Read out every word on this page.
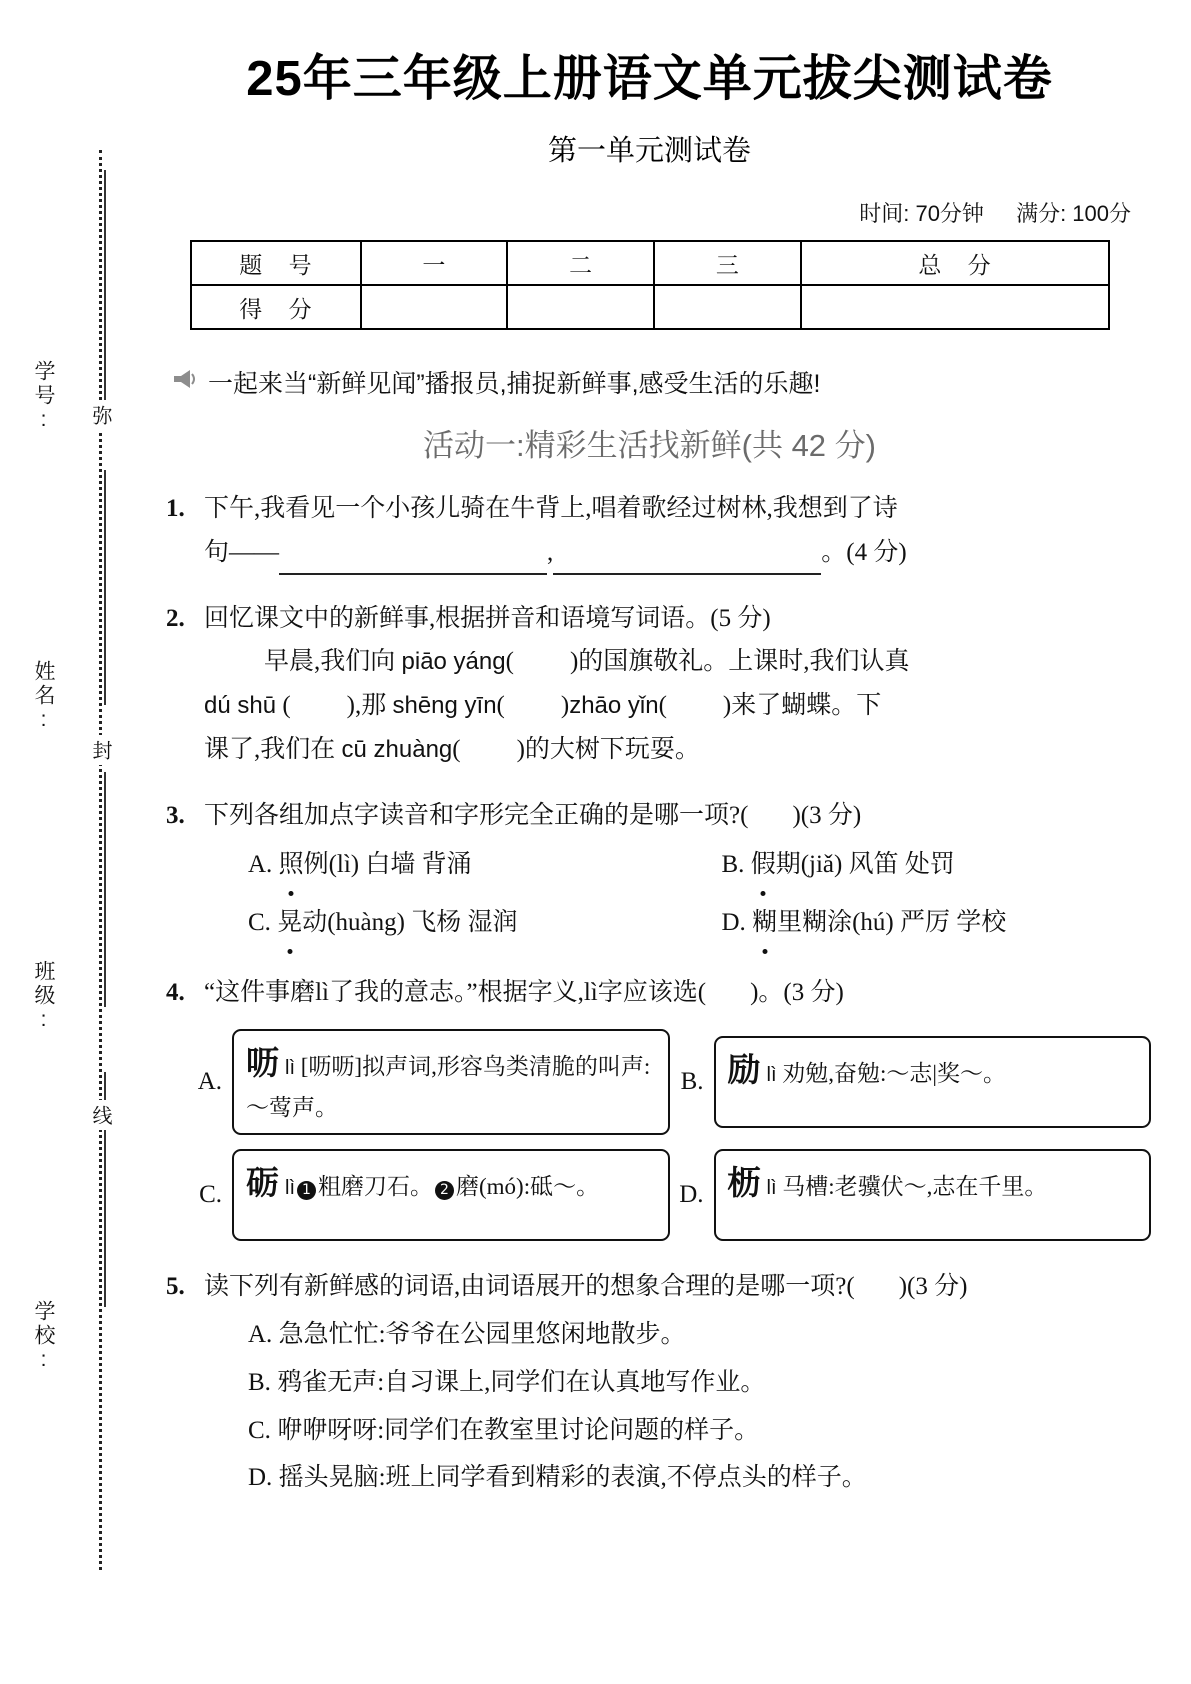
学号:
姓名:
班级:
学校:
弥
封
线
25年三年级上册语文单元拔尖测试卷
第一单元测试卷
时间: 70分钟 满分: 100分
题 号	一	二	三	总 分
得 分				
一起来当“新鲜见闻”播报员,捕捉新鲜事,感受生活的乐趣!
活动一:精彩生活找新鲜(共 42 分)
1. 下午,我看见一个小孩儿骑在牛背上,唱着歌经过树林,我想到了诗
句——	,	。 (4 分)
2. 回忆课文中的新鲜事,根据拼音和语境写词语。(5 分)
早晨,我们向 piāo yáng( )的国旗敬礼。上课时,我们认真
dú shū ( ),那 shēng yīn( )zhāo yǐn( )来了蝴蝶。下
课了,我们在 cū zhuàng( )的大树下玩耍。
3. 下列各组加点字读音和字形完全正确的是哪一项?( )(3 分)
A. 照例(lì) 白墙 背涌	B. 假期(jiǎ) 风笛 处罚
C. 晃动(huàng) 飞杨 湿润	D. 糊里糊涂(hú) 严厉 学校
4. “这件事磨lì了我的意志。”根据字义,lì字应该选( )。(3 分)
A. 呖lì [呖呖]拟声词,形容鸟类清脆的叫声:～莺声。
B. 励lì 劝勉,奋勉:～志|奖～。
C. 砺lì 1 粗磨刀石。 2 磨(mó):砥～。	D. 枥lì 马槽:老骥伏～,志在千里。
5. 读下列有新鲜感的词语,由词语展开的想象合理的是哪一项?( )(3 分)
A. 急急忙忙:爷爷在公园里悠闲地散步。
B. 鸦雀无声:自习课上,同学们在认真地写作业。
C. 咿咿呀呀:同学们在教室里讨论问题的样子。
D. 摇头晃脑:班上同学看到精彩的表演,不停点头的样子。
